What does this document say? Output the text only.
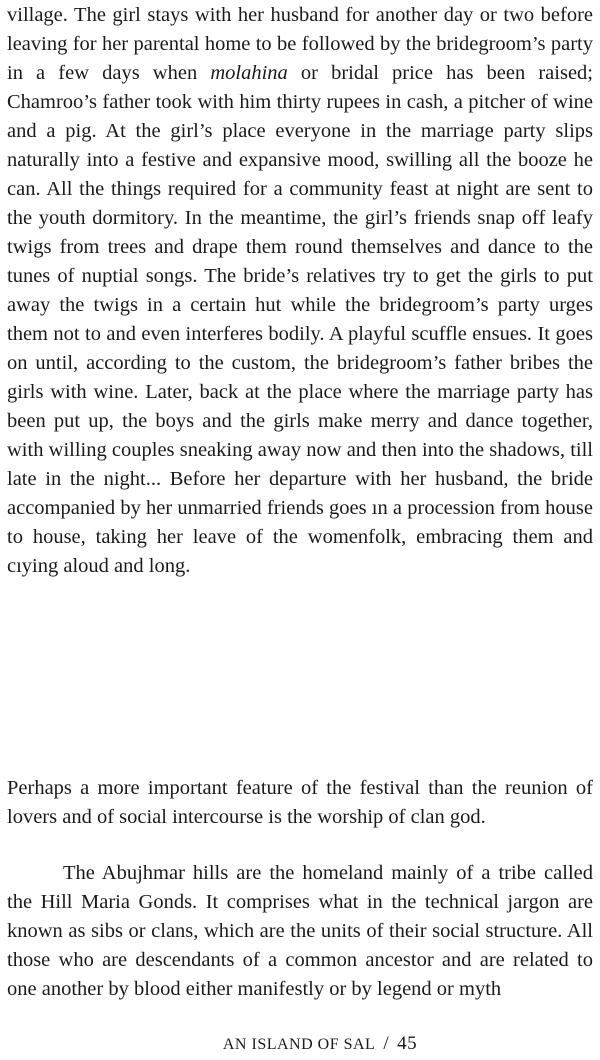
village. The girl stays with her husband for another day or two before leaving for her parental home to be followed by the bridegroom’s party in a few days when molahina or bridal price has been raised; Chamroo’s father took with him thirty rupees in cash, a pitcher of wine and a pig. At the girl’s place everyone in the marriage party slips naturally into a festive and expansive mood, swilling all the booze he can. All the things required for a community feast at night are sent to the youth dormitory. In the meantime, the girl’s friends snap off leafy twigs from trees and drape them round themselves and dance to the tunes of nuptial songs. The bride’s relatives try to get the girls to put away the twigs in a certain hut while the bridegroom’s party urges them not to and even interferes bodily. A playful scuffle ensues. It goes on until, according to the custom, the bridegroom’s father bribes the girls with wine. Later, back at the place where the marriage party has been put up, the boys and the girls make merry and dance together, with willing couples sneaking away now and then into the shadows, till late in the night... Before her departure with her husband, the bride accompanied by her unmarried friends goes ın a procession from house to house, taking her leave of the womenfolk, embracing them and cıying aloud and long.

Perhaps a more important feature of the festival than the reunion of lovers and of social intercourse is the worship of clan god.

The Abujhmar hills are the homeland mainly of a tribe called the Hill Maria Gonds. It comprises what in the technical jargon are known as sibs or clans, which are the units of their social structure. All those who are descendants of a common ancestor and are related to one another by blood either manifestly or by legend or myth

AN ISLAND OF SAL / 45
